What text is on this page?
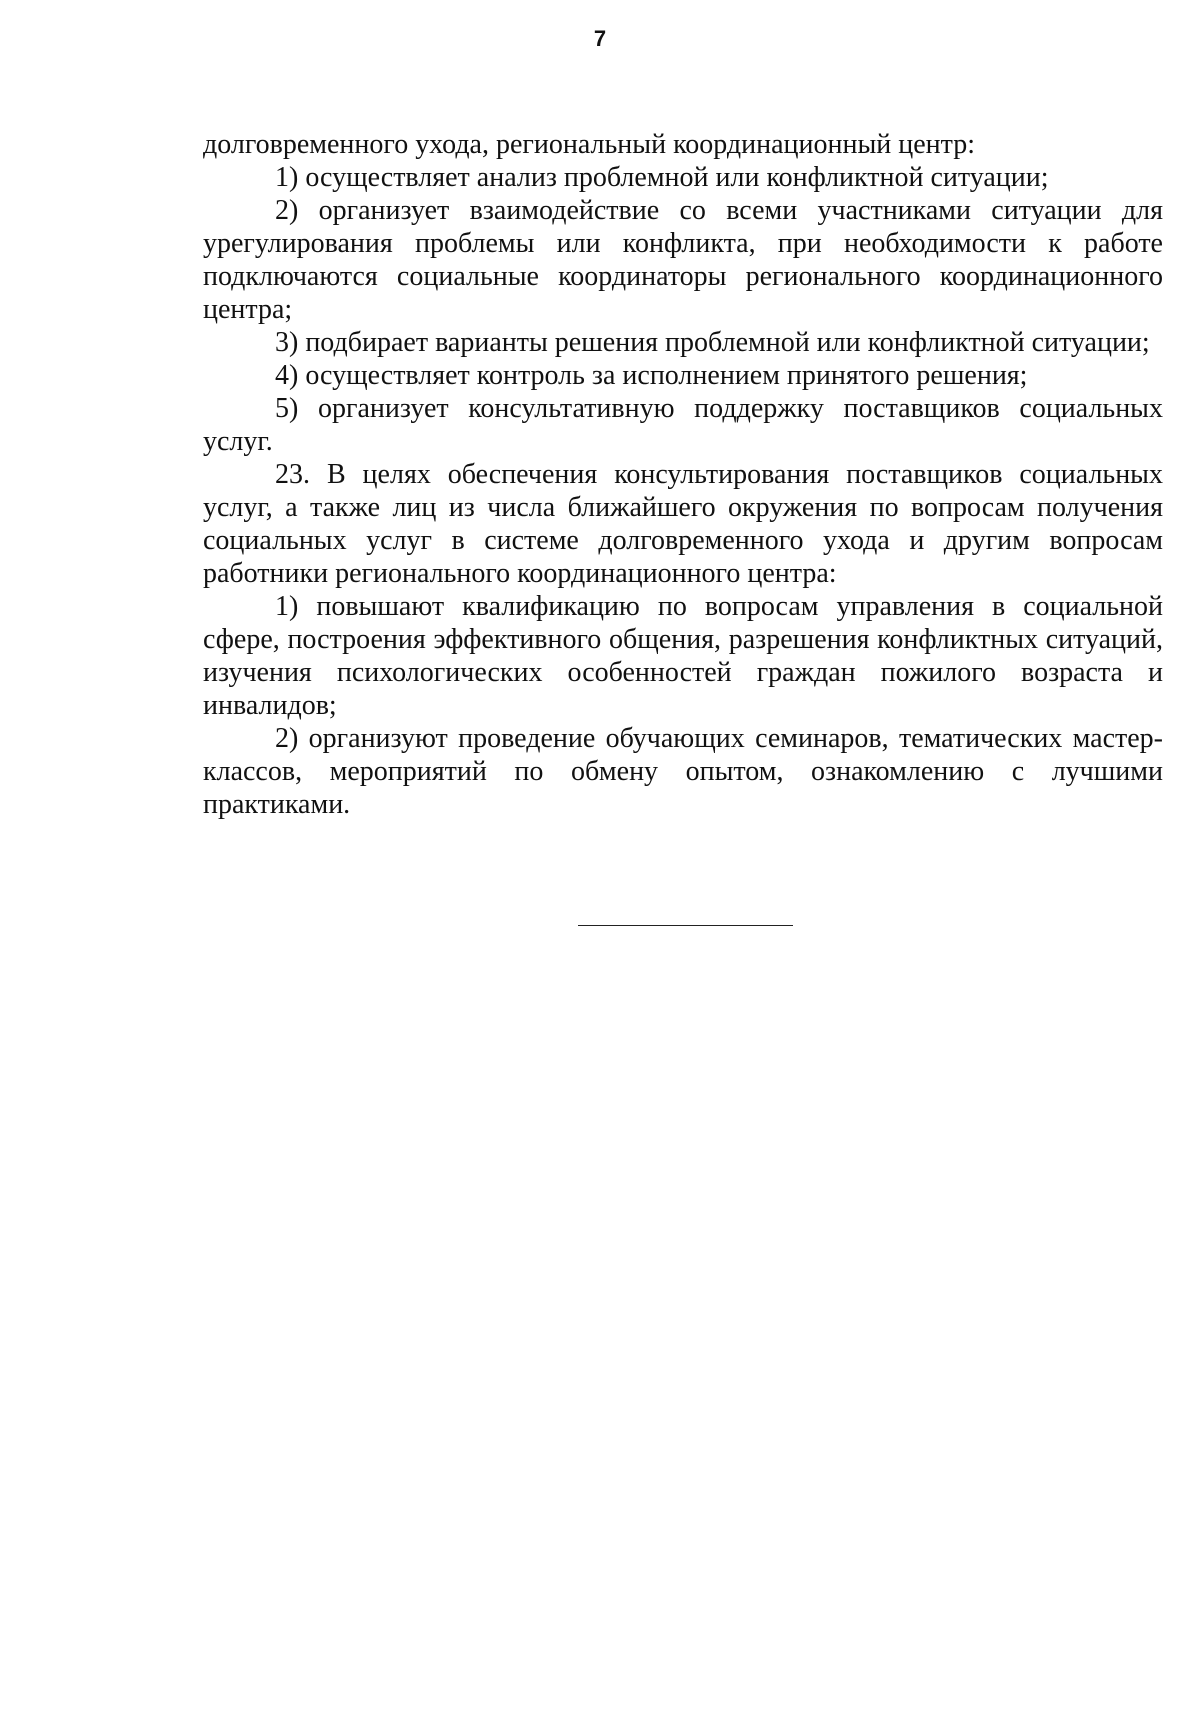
7

долговременного ухода, региональный координационный центр:

1) осуществляет анализ проблемной или конфликтной ситуации;

2) организует взаимодействие со всеми участниками ситуации для урегулирования проблемы или конфликта, при необходимости к работе подключаются социальные координаторы регионального координационного центра;

3) подбирает варианты решения проблемной или конфликтной ситуации;

4) осуществляет контроль за исполнением принятого решения;

5) организует консультативную поддержку поставщиков социальных услуг.

23. В целях обеспечения консультирования поставщиков социальных услуг, а также лиц из числа ближайшего окружения по вопросам получения социальных услуг в системе долговременного ухода и другим вопросам работники регионального координационного центра:

1) повышают квалификацию по вопросам управления в социальной сфере, построения эффективного общения, разрешения конфликтных ситуаций, изучения психологических особенностей граждан пожилого возраста и инвалидов;

2) организуют проведение обучающих семинаров, тематических мастер-классов, мероприятий по обмену опытом, ознакомлению с лучшими практиками.
